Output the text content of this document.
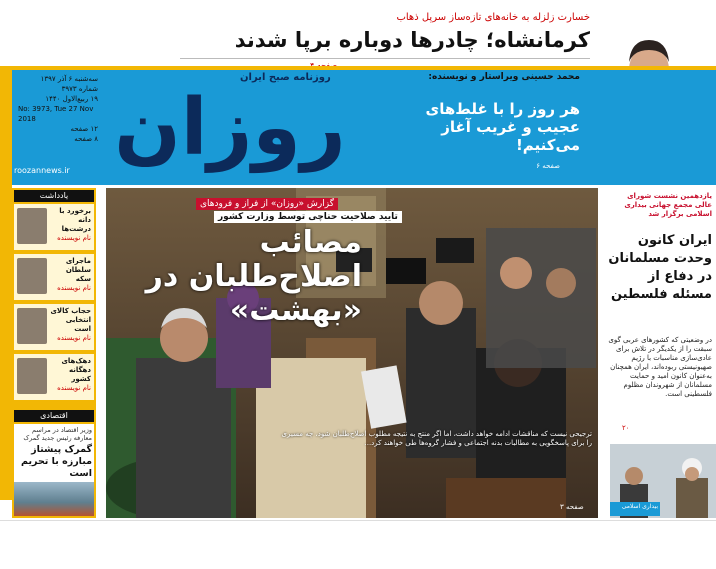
خسارت زلزله به خانه‌های تازه‌ساز سرپل ذهاب
کرمانشاه؛ چادرها دوباره برپا شدند
روزان
روزنامه صبح ایران
سه‌شنبه ۶ آذر ۱۳۹۷
شماره ۳۹۷۳
۱۹ ربیع‌الاول ۱۴۴۰
No: 3973, Tue 27 Nov 2018
۱۲ صفحه
۸ صفحه
roozannews.ir
محمد حسینی ویراستار و نویسنده:
هر روز را با غلط‌های عجیب و غریب آغاز می‌کنیم!
صفحه ۶
یادداشت
برخورد با دانه درشت‌ها
نام نویسنده
ماجرای سلطان سکه
نام نویسنده
حجاب کالای انتخابی است
نام نویسنده
دهک‌های دهگانه کشور
نام نویسنده
اقتصادی
وزیر اقتصاد در مراسم معارفه رئیس جدید گمرک
گمرک پیشتاز مبارزه با تحریم است
گزارش «روزان» از فراز و فرودهای
تایید صلاحیت حناچی توسط وزارت کشور
مصائب اصلاح‌طلبان در «بهشت»
ترجیحی نیست که مناقشات ادامه خواهد داشت، اما اگر منتج به نتیجه مطلوب اصلاح‌طلبان شود، چه مسیری را برای پاسخگویی به مطالبات بدنه اجتماعی و فشار گروه‌ها طی خواهند کرد...
صفحه ۳
یازدهمین نشست شورای عالی مجمع جهانی بیداری اسلامی برگزار شد
ایران کانون وحدت مسلمانان در دفاع از مسئله فلسطین
در وضعیتی که کشورهای عربی گوی سبقت را از یکدیگر در تلاش برای عادی‌سازی مناسبات با رژیم صهیونیستی ربوده‌اند، ایران همچنان به‌عنوان کانون امید و حمایت مسلمانان از شهروندان مظلوم فلسطینی است.
۲۰
بیداری اسلامی
